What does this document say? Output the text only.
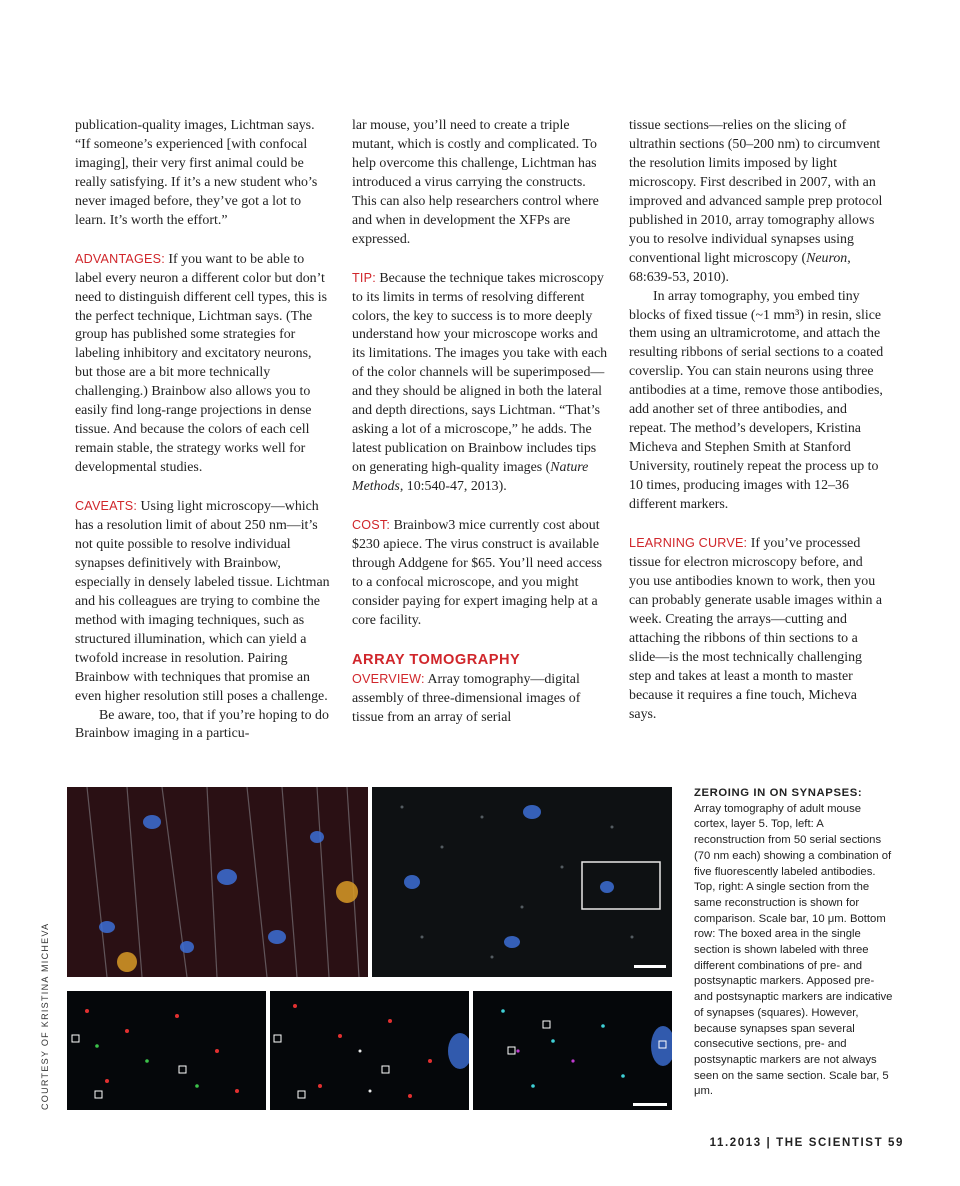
publication-quality images, Lichtman says. “If someone’s experienced [with confocal imaging], their very first animal could be really satisfying. If it’s a new student who’s never imaged before, they’ve got a lot to learn. It’s worth the effort.”

ADVANTAGES: If you want to be able to label every neuron a different color but don’t need to distinguish different cell types, this is the perfect technique, Lichtman says. (The group has published some strategies for labeling inhibitory and excitatory neurons, but those are a bit more technically challenging.) Brainbow also allows you to easily find long-range projections in dense tissue. And because the colors of each cell remain stable, the strategy works well for developmental studies.

CAVEATS: Using light microscopy—which has a resolution limit of about 250 nm—it’s not quite possible to resolve individual synapses definitively with Brainbow, especially in densely labeled tissue. Lichtman and his colleagues are trying to combine the method with imaging techniques, such as structured illumination, which can yield a twofold increase in resolution. Pairing Brainbow with techniques that promise an even higher resolution still poses a challenge.

Be aware, too, that if you’re hoping to do Brainbow imaging in a particu-

lar mouse, you’ll need to create a triple mutant, which is costly and complicated. To help overcome this challenge, Lichtman has introduced a virus carrying the constructs. This can also help researchers control where and when in development the XFPs are expressed.

TIP: Because the technique takes microscopy to its limits in terms of resolving different colors, the key to success is to more deeply understand how your microscope works and its limitations. The images you take with each of the color channels will be superimposed—and they should be aligned in both the lateral and depth directions, says Lichtman. “That’s asking a lot of a microscope,” he adds. The latest publication on Brainbow includes tips on generating high-quality images (Nature Methods, 10:540-47, 2013).

COST: Brainbow3 mice currently cost about $230 apiece. The virus construct is available through Addgene for $65. You’ll need access to a confocal microscope, and you might consider paying for expert imaging help at a core facility.

ARRAY TOMOGRAPHY

OVERVIEW: Array tomography—digital assembly of three-dimensional images of tissue from an array of serial

tissue sections—relies on the slicing of ultrathin sections (50–200 nm) to circumvent the resolution limits imposed by light microscopy. First described in 2007, with an improved and advanced sample prep protocol published in 2010, array tomography allows you to resolve individual synapses using conventional light microscopy (Neuron, 68:639-53, 2010).

In array tomography, you embed tiny blocks of fixed tissue (~1 mm³) in resin, slice them using an ultramicrotome, and attach the resulting ribbons of serial sections to a coated coverslip. You can stain neurons using three antibodies at a time, remove those antibodies, add another set of three antibodies, and repeat. The method’s developers, Kristina Micheva and Stephen Smith at Stanford University, routinely repeat the process up to 10 times, producing images with 12–36 different markers.

LEARNING CURVE: If you’ve processed tissue for electron microscopy before, and you use antibodies known to work, then you can probably generate usable images within a week. Creating the arrays—cutting and attaching the ribbons of thin sections to a slide—is the most technically challenging step and takes at least a month to master because it requires a fine touch, Micheva says.

COURTESY OF KRISTINA MICHEVA
ZEROING IN ON SYNAPSES:
Array tomography of adult mouse cortex, layer 5. Top, left: A reconstruction from 50 serial sections (70 nm each) showing a combination of five fluorescently labeled antibodies. Top, right: A single section from the same reconstruction is shown for comparison. Scale bar, 10 μm. Bottom row: The boxed area in the single section is shown labeled with three different combinations of pre- and postsynaptic markers. Apposed pre- and postsynaptic markers are indicative of synapses (squares). However, because synapses span several consecutive sections, pre- and postsynaptic markers are not always seen on the same section. Scale bar, 5 μm.
11.2013 | THE SCIENTIST 59
